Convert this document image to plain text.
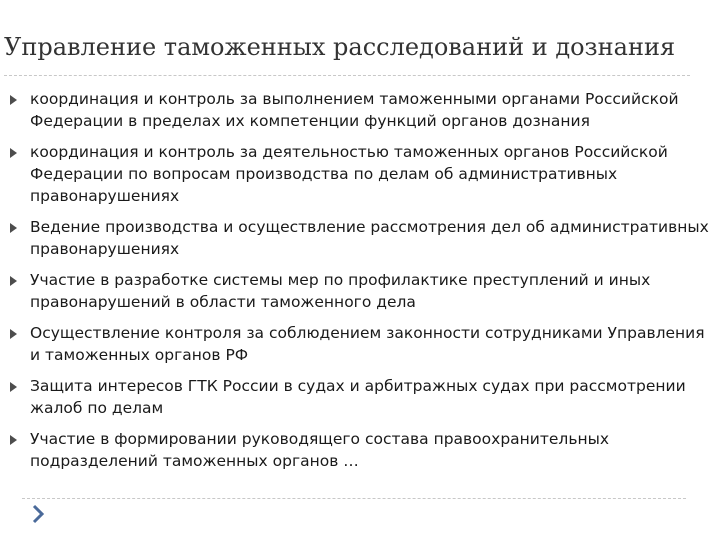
Управление таможенных расследований и дознания
координация и контроль за выполнением таможенными органами Российской Федерации в пределах их компетенции функций органов дознания
координация и контроль за деятельностью таможенных органов Российской Федерации по вопросам производства по делам об административных правонарушениях
Ведение производства и осуществление рассмотрения дел об административных правонарушениях
Участие в разработке системы мер по профилактике преступлений и иных правонарушений в области таможенного дела
Осуществление контроля за соблюдением законности сотрудниками Управления и таможенных органов РФ
Защита интересов ГТК России в судах и арбитражных судах при рассмотрении жалоб по делам
Участие в формировании руководящего состава правоохранительных подразделений таможенных органов …
